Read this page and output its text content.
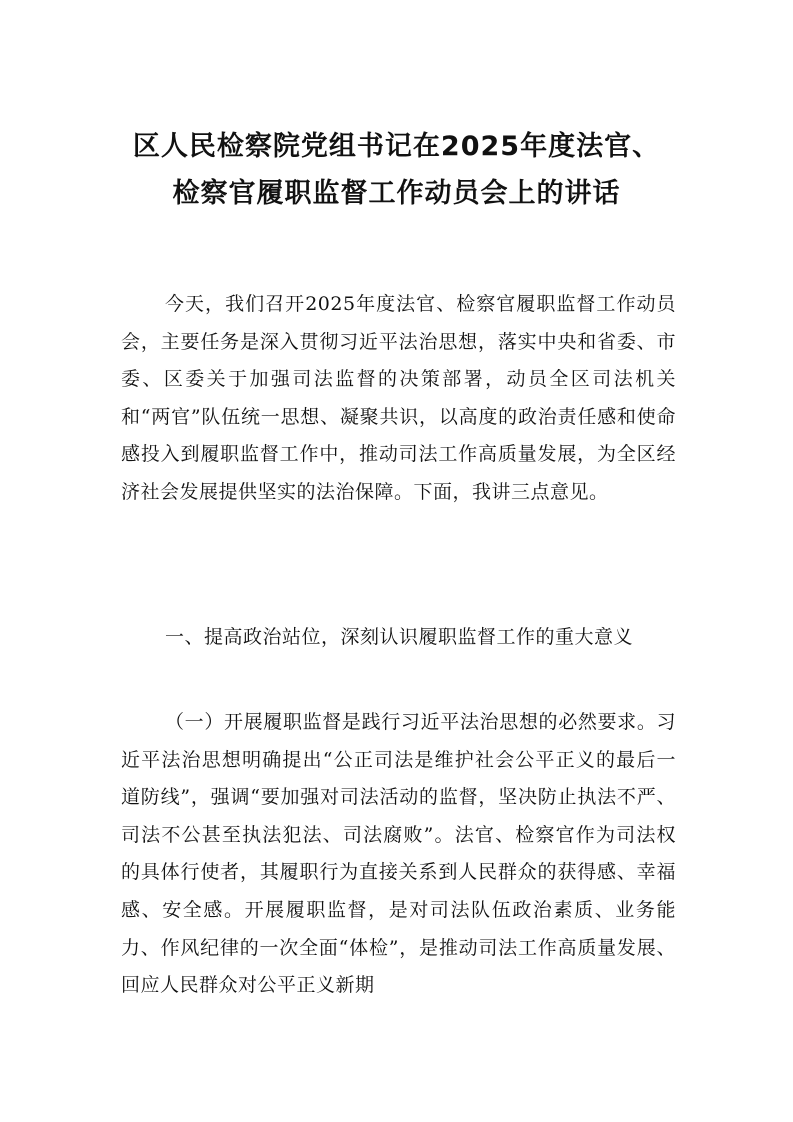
区人民检察院党组书记在2025年度法官、
检察官履职监督工作动员会上的讲话
今天，我们召开2025年度法官、检察官履职监督工作动员会，主要任务是深入贯彻习近平法治思想，落实中央和省委、市委、区委关于加强司法监督的决策部署，动员全区司法机关和“两官”队伍统一思想、凝聚共识，以高度的政治责任感和使命感投入到履职监督工作中，推动司法工作高质量发展，为全区经济社会发展提供坚实的法治保障。下面，我讲三点意见。
一、提高政治站位，深刻认识履职监督工作的重大意义
（一）开展履职监督是践行习近平法治思想的必然要求。习近平法治思想明确提出“公正司法是维护社会公平正义的最后一道防线”，强调“要加强对司法活动的监督，坚决防止执法不严、司法不公甚至执法犯法、司法腐败”。法官、检察官作为司法权的具体行使者，其履职行为直接关系到人民群众的获得感、幸福感、安全感。开展履职监督，是对司法队伍政治素质、业务能力、作风纪律的一次全面“体检”，是推动司法工作高质量发展、回应人民群众对公平正义新期
